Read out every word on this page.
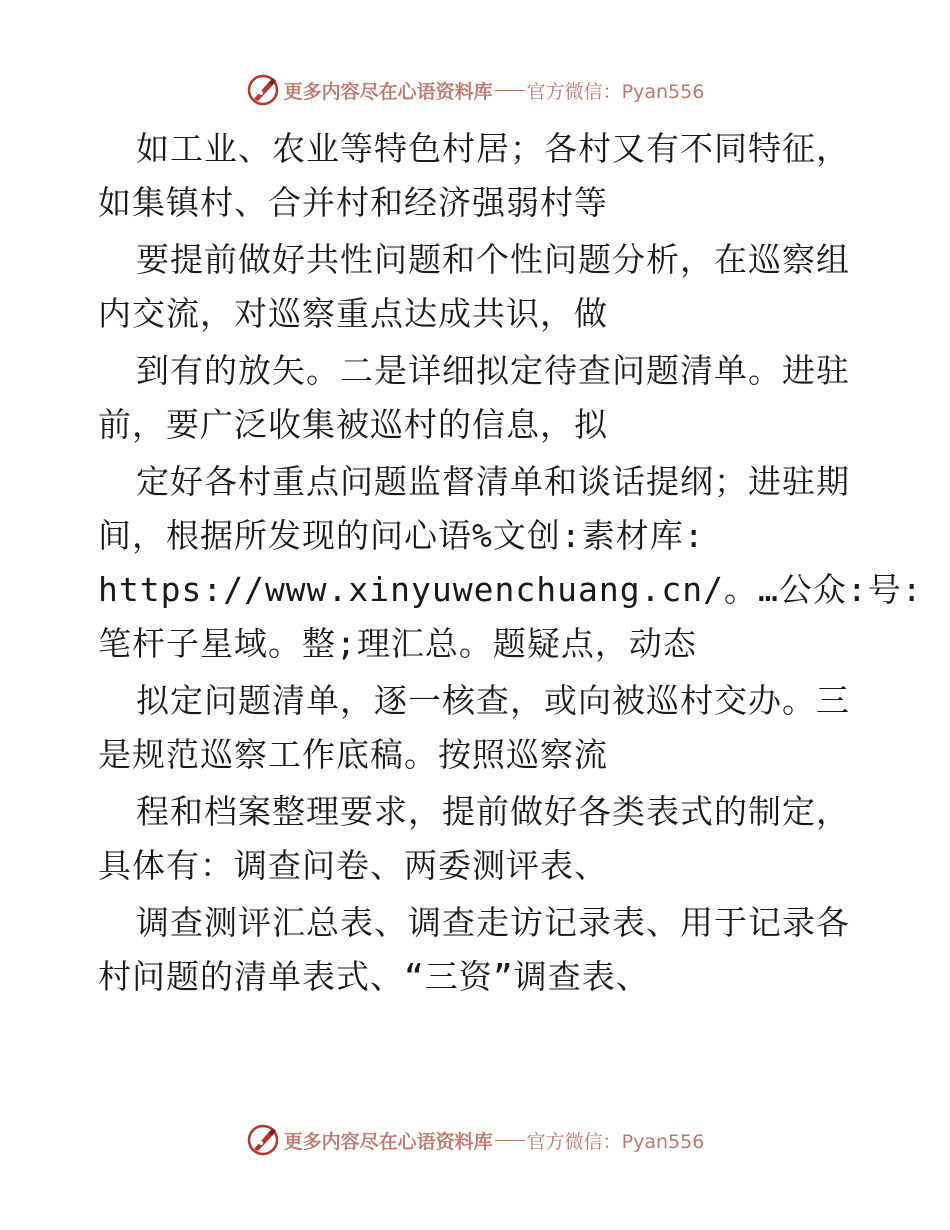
更多内容尽在心语资料库 官方微信：Pyan556

如工业、农业等特色村居；各村又有不同特征，
如集镇村、合并村和经济强弱村等

要提前做好共性问题和个性问题分析，在巡察组
内交流，对巡察重点达成共识，做

到有的放矢。二是详细拟定待查问题清单。进驻
前，要广泛收集被巡村的信息，拟

定好各村重点问题监督清单和谈话提纲；进驻期
间，根据所发现的问心语%文创:素材库:
https://www.xinyuwenchuang.cn/。…公众:号:
笔杆子星域。整;理汇总。题疑点，动态

拟定问题清单，逐一核查，或向被巡村交办。三
是规范巡察工作底稿。按照巡察流

程和档案整理要求，提前做好各类表式的制定，
具体有：调查问卷、两委测评表、

调查测评汇总表、调查走访记录表、用于记录各
村问题的清单表式、“三资”调查表、

更多内容尽在心语资料库 官方微信：Pyan556
